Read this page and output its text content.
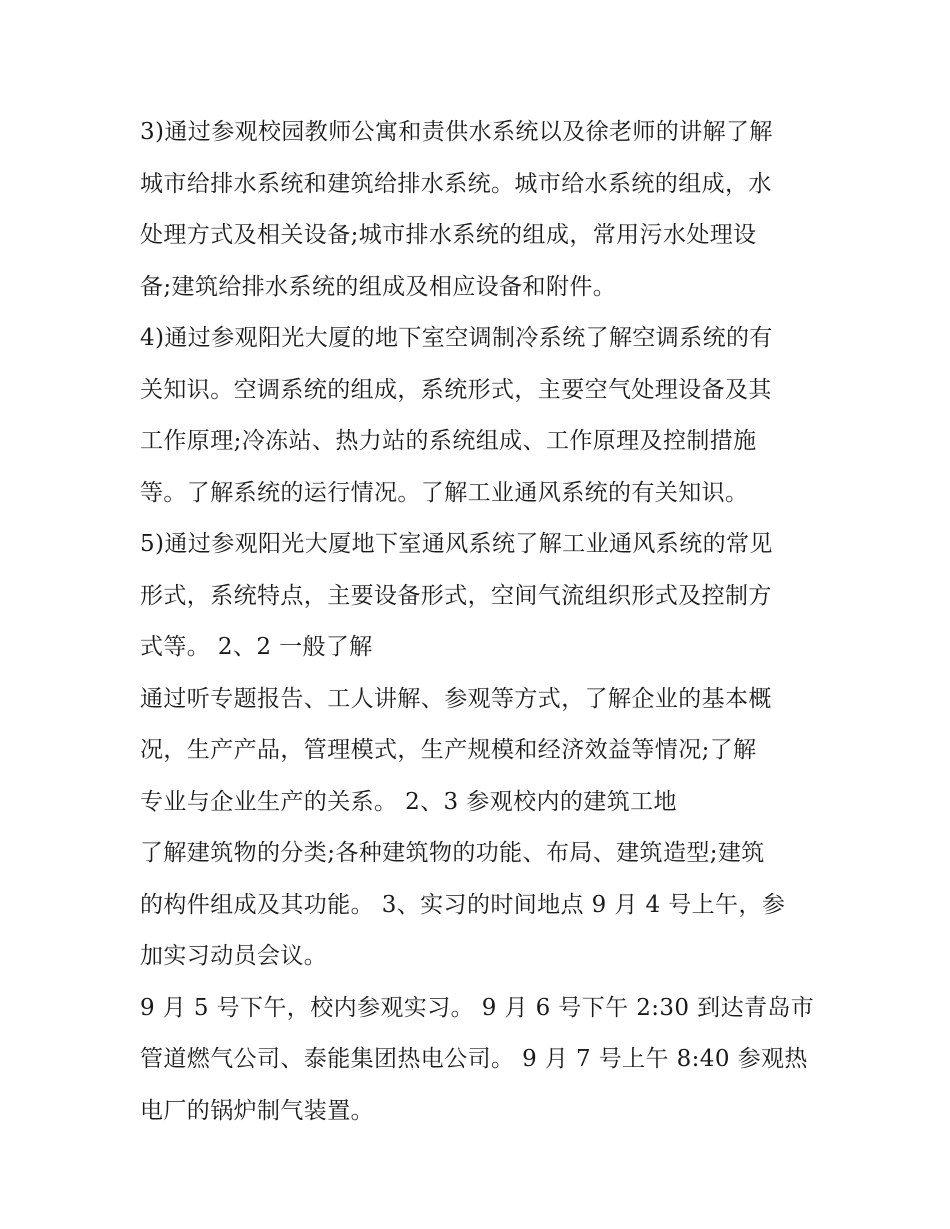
3)通过参观校园教师公寓和责供水系统以及徐老师的讲解了解
城市给排水系统和建筑给排水系统。城市给水系统的组成，水
处理方式及相关设备;城市排水系统的组成，常用污水处理设
备;建筑给排水系统的组成及相应设备和附件。
4)通过参观阳光大厦的地下室空调制冷系统了解空调系统的有
关知识。空调系统的组成，系统形式，主要空气处理设备及其
工作原理;冷冻站、热力站的系统组成、工作原理及控制措施
等。了解系统的运行情况。了解工业通风系统的有关知识。
5)通过参观阳光大厦地下室通风系统了解工业通风系统的常见
形式，系统特点，主要设备形式，空间气流组织形式及控制方
式等。 2、2 一般了解
通过听专题报告、工人讲解、参观等方式，了解企业的基本概
况，生产产品，管理模式，生产规模和经济效益等情况;了解
专业与企业生产的关系。 2、3 参观校内的建筑工地
了解建筑物的分类;各种建筑物的功能、布局、建筑造型;建筑
的构件组成及其功能。 3、实习的时间地点 9 月 4 号上午，参
加实习动员会议。
9 月 5 号下午，校内参观实习。 9 月 6 号下午 2:30 到达青岛市
管道燃气公司、泰能集团热电公司。 9 月 7 号上午 8:40 参观热
电厂的锅炉制气装置。
